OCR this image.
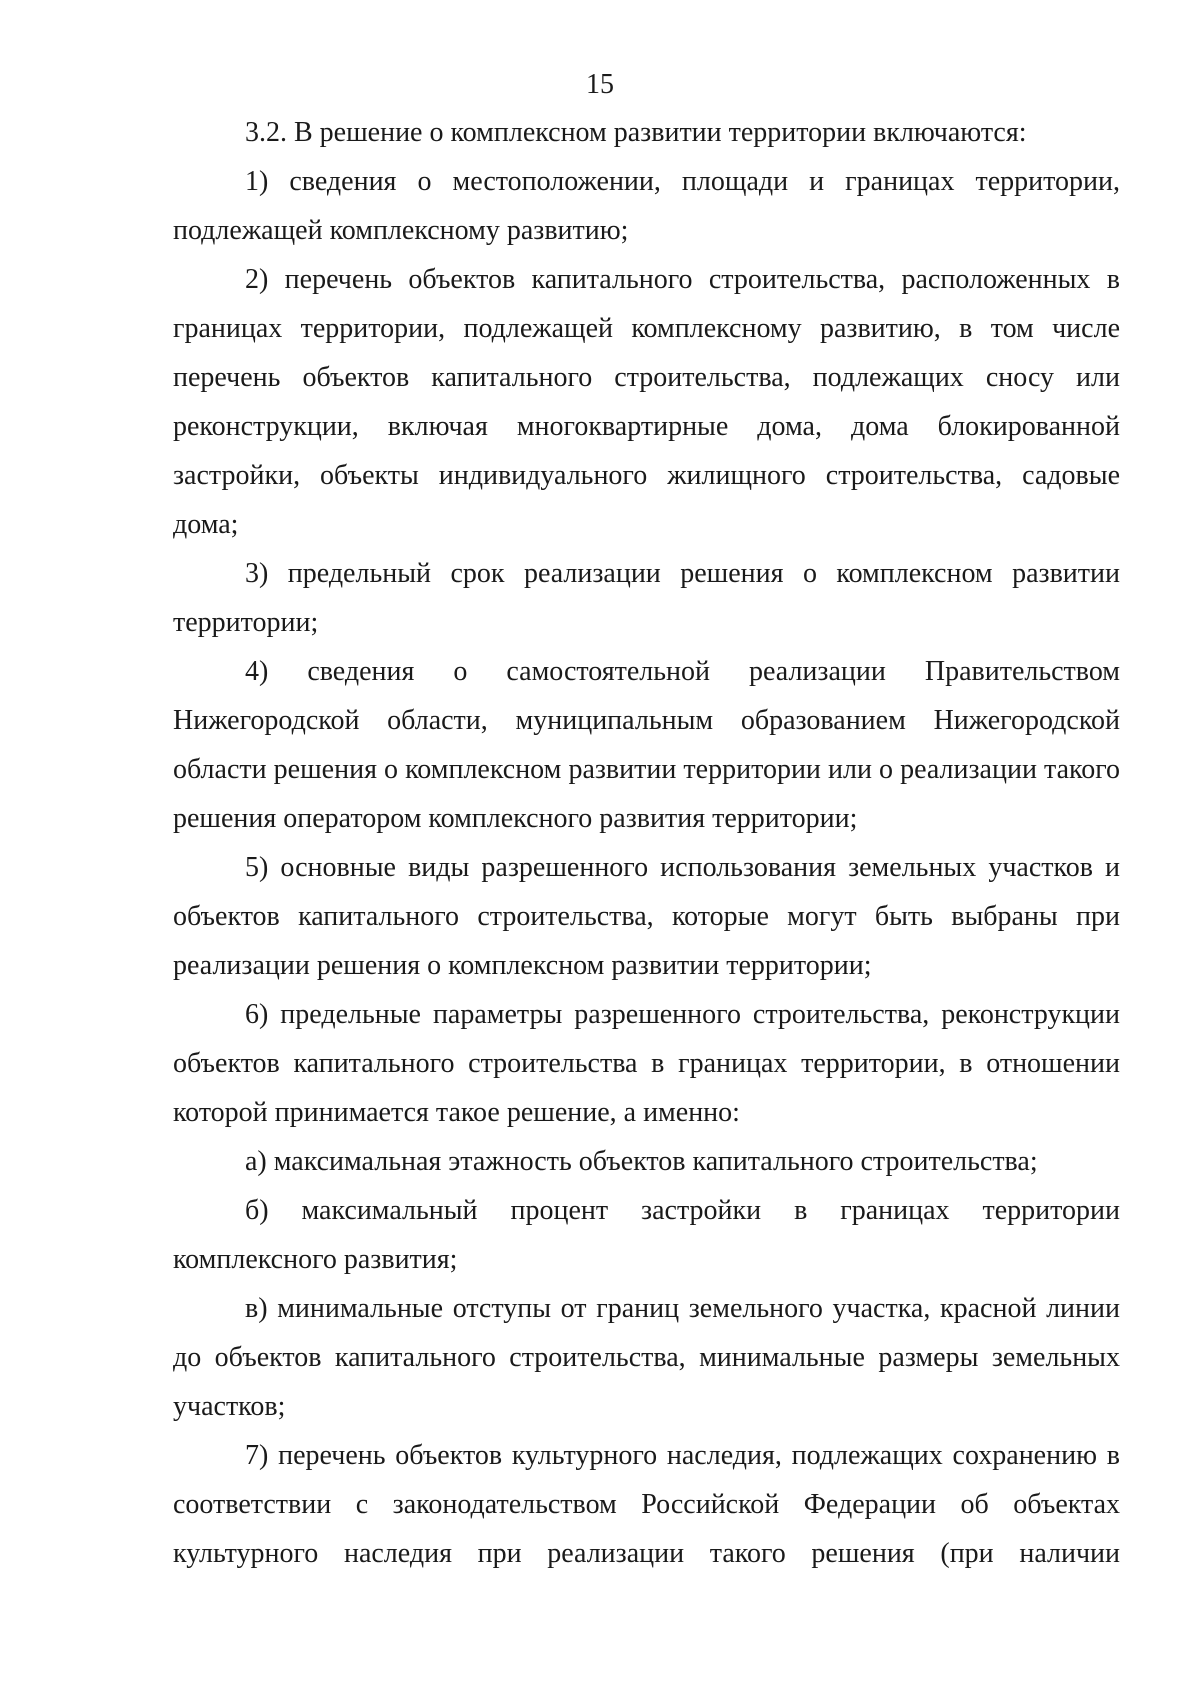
15

3.2. В решение о комплексном развитии территории включаются:

1) сведения о местоположении, площади и границах территории, подлежащей комплексному развитию;

2) перечень объектов капитального строительства, расположенных в границах территории, подлежащей комплексному развитию, в том числе перечень объектов капитального строительства, подлежащих сносу или реконструкции, включая многоквартирные дома, дома блокированной застройки, объекты индивидуального жилищного строительства, садовые дома;

3) предельный срок реализации решения о комплексном развитии территории;

4) сведения о самостоятельной реализации Правительством Нижегородской области, муниципальным образованием Нижегородской области решения о комплексном развитии территории или о реализации такого решения оператором комплексного развития территории;

5) основные виды разрешенного использования земельных участков и объектов капитального строительства, которые могут быть выбраны при реализации решения о комплексном развитии территории;

6) предельные параметры разрешенного строительства, реконструкции объектов капитального строительства в границах территории, в отношении которой принимается такое решение, а именно:

а) максимальная этажность объектов капитального строительства;

б) максимальный процент застройки в границах территории комплексного развития;

в) минимальные отступы от границ земельного участка, красной линии до объектов капитального строительства, минимальные размеры земельных участков;

7) перечень объектов культурного наследия, подлежащих сохранению в соответствии с законодательством Российской Федерации об объектах культурного наследия при реализации такого решения (при наличии
